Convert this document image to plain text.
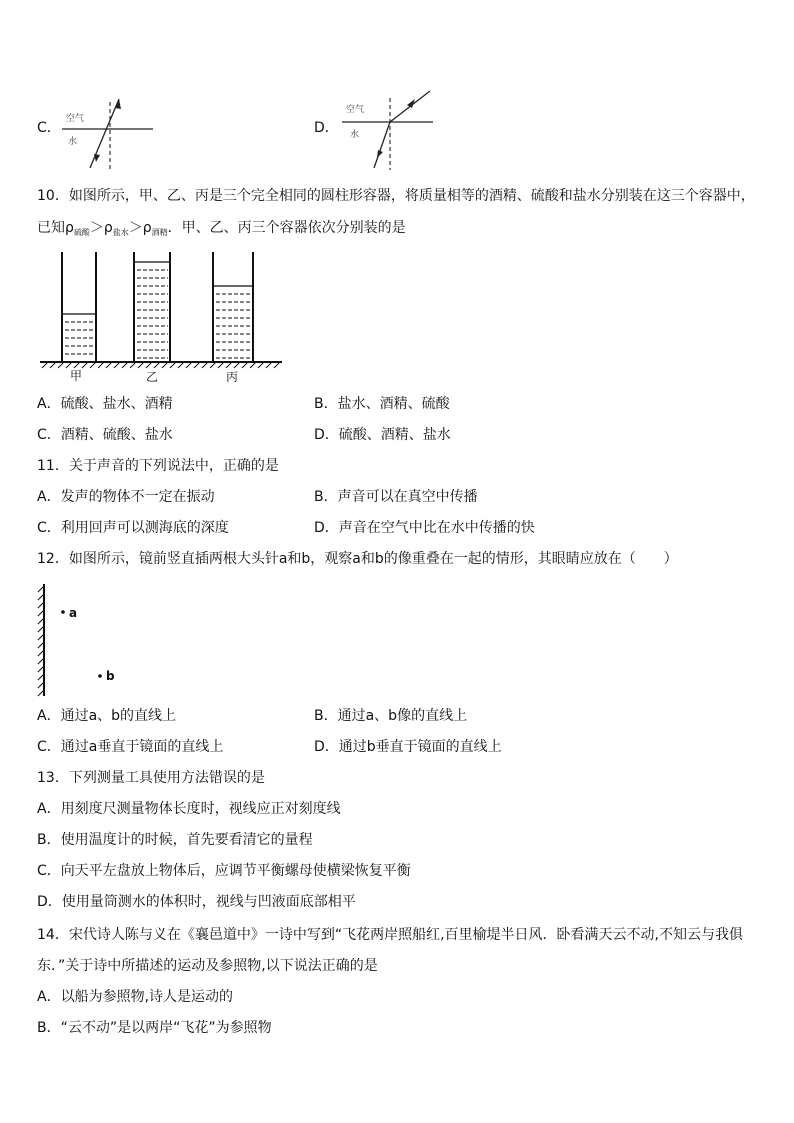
C．
空气
水
D．
空气
水
10．如图所示，甲、乙、丙是三个完全相同的圆柱形容器，将质量相等的酒精、硫酸和盐水分别装在这三个容器中，
已知$\rho_{硫酸}>\rho_{盐水}>\rho_{酒精}$．甲、乙、丙三个容器依次分别装的是
甲	乙	丙
A．硫酸、盐水、酒精	B．盐水、酒精、硫酸
C．酒精、硫酸、盐水	D．硫酸、酒精、盐水
11．关于声音的下列说法中，正确的是
A．发声的物体不一定在振动	B．声音可以在真空中传播
C．利用回声可以测海底的深度	D．声音在空气中比在水中传播的快
12．如图所示，镜前竖直插两根大头针a和b，观察a和b的像重叠在一起的情形，其眼睛应放在（　　）
a
b
A．通过a、b的直线上	B．通过a、b像的直线上
C．通过a垂直于镜面的直线上	D．通过b垂直于镜面的直线上
13．下列测量工具使用方法错误的是
A．用刻度尺测量物体长度时，视线应正对刻度线
B．使用温度计的时候，首先要看清它的量程
C．向天平左盘放上物体后，应调节平衡螺母使横梁恢复平衡
D．使用量筒测水的体积时，视线与凹液面底部相平
14．宋代诗人陈与义在《襄邑道中》一诗中写到“飞花两岸照船红,百里榆堤半日风．卧看满天云不动,不知云与我俱
东．”关于诗中所描述的运动及参照物,以下说法正确的是
A．以船为参照物,诗人是运动的
B．“云不动”是以两岸“飞花”为参照物
